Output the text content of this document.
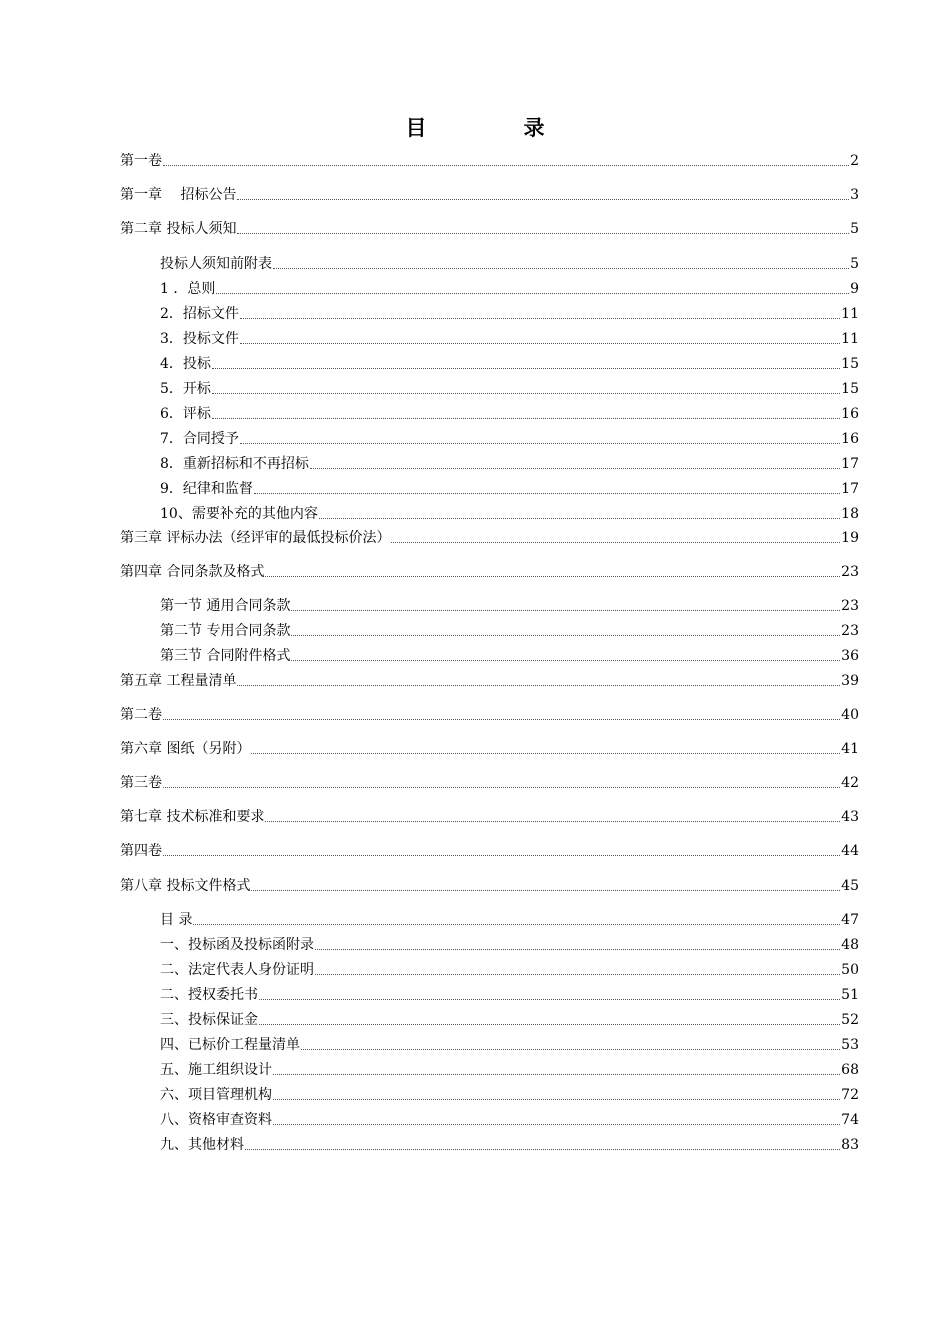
目　录
第一卷	2
第一章　 招标公告	3
第二章 投标人须知	5
投标人须知前附表	5
1 ．总则	9
2．招标文件	11
3．投标文件	11
4．投标	15
5．开标	15
6．评标	16
7．合同授予	16
8．重新招标和不再招标	17
9．纪律和监督	17
10、需要补充的其他内容	18
第三章 评标办法（经评审的最低投标价法）	19
第四章 合同条款及格式	23
第一节 通用合同条款	23
第二节 专用合同条款	23
第三节 合同附件格式	36
第五章 工程量清单	39
第二卷	40
第六章 图纸（另附）	41
第三卷	42
第七章 技术标准和要求	43
第四卷	44
第八章 投标文件格式	45
目 录	47
一、投标函及投标函附录	48
二、法定代表人身份证明	50
二、授权委托书	51
三、投标保证金	52
四、已标价工程量清单	53
五、施工组织设计	68
六、项目管理机构	72
八、资格审查资料	74
九、其他材料	83
